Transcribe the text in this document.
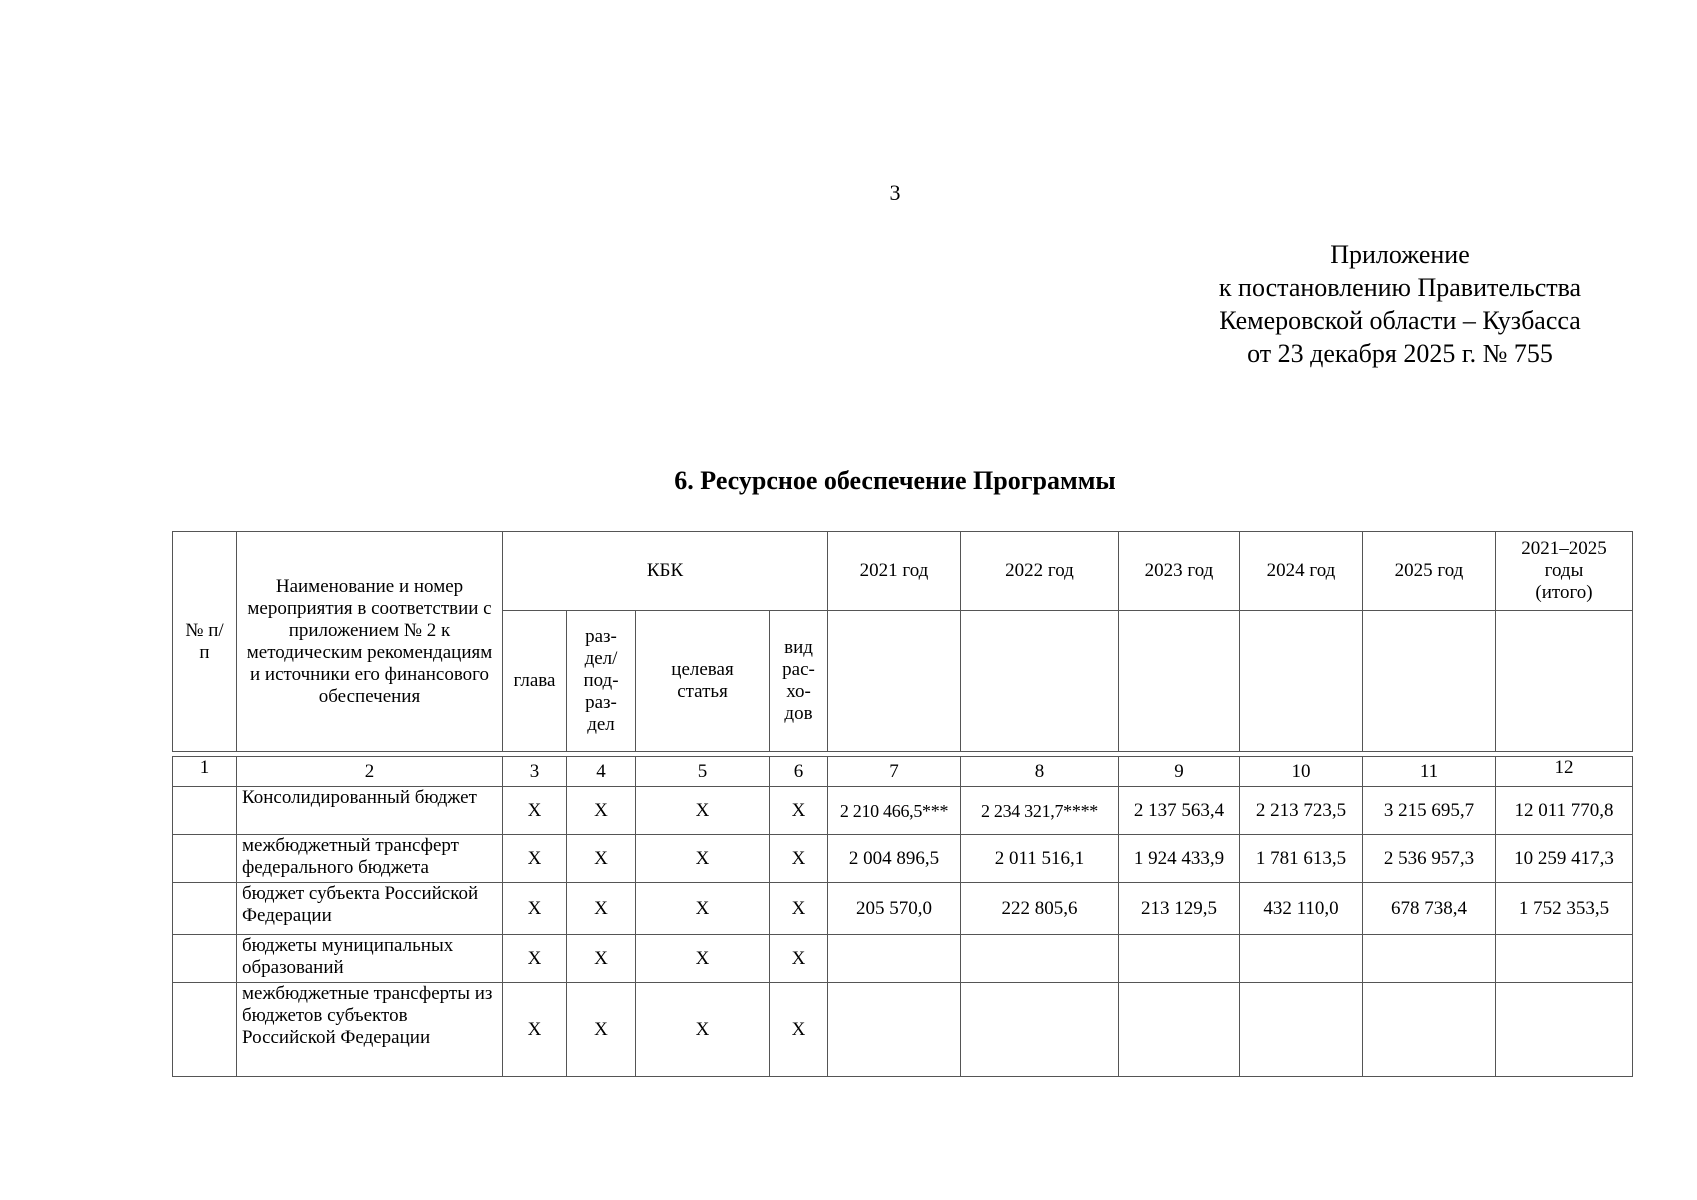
3
Приложение
к постановлению Правительства
Кемеровской области – Кузбасса
от 23 декабря 2025 г. № 755
6. Ресурсное обеспечение Программы
№ п/п	Наименование и номер мероприятия в соответствии с приложением № 2 к методическим рекомендациям и источники его финансового обеспечения	КБК				2021 год	2022 год	2023 год	2024 год	2025 год	2021–2025 годы (итого)
		глава	раз-дел/ под-раз-дел	целевая статья	вид рас-хо-дов						
1	2	3	4	5	6	7	8	9	10	11	12
	Консолидированный бюджет	X	X	X	X	2 210 466,5***	2 234 321,7****	2 137 563,4	2 213 723,5	3 215 695,7	12 011 770,8
	межбюджетный трансферт федерального бюджета	X	X	X	X	2 004 896,5	2 011 516,1	1 924 433,9	1 781 613,5	2 536 957,3	10 259 417,3
	бюджет субъекта Российской Федерации	X	X	X	X	205 570,0	222 805,6	213 129,5	432 110,0	678 738,4	1 752 353,5
	бюджеты муниципальных образований	X	X	X	X						
	межбюджетные трансферты из бюджетов субъектов Российской Федерации	X	X	X	X						
